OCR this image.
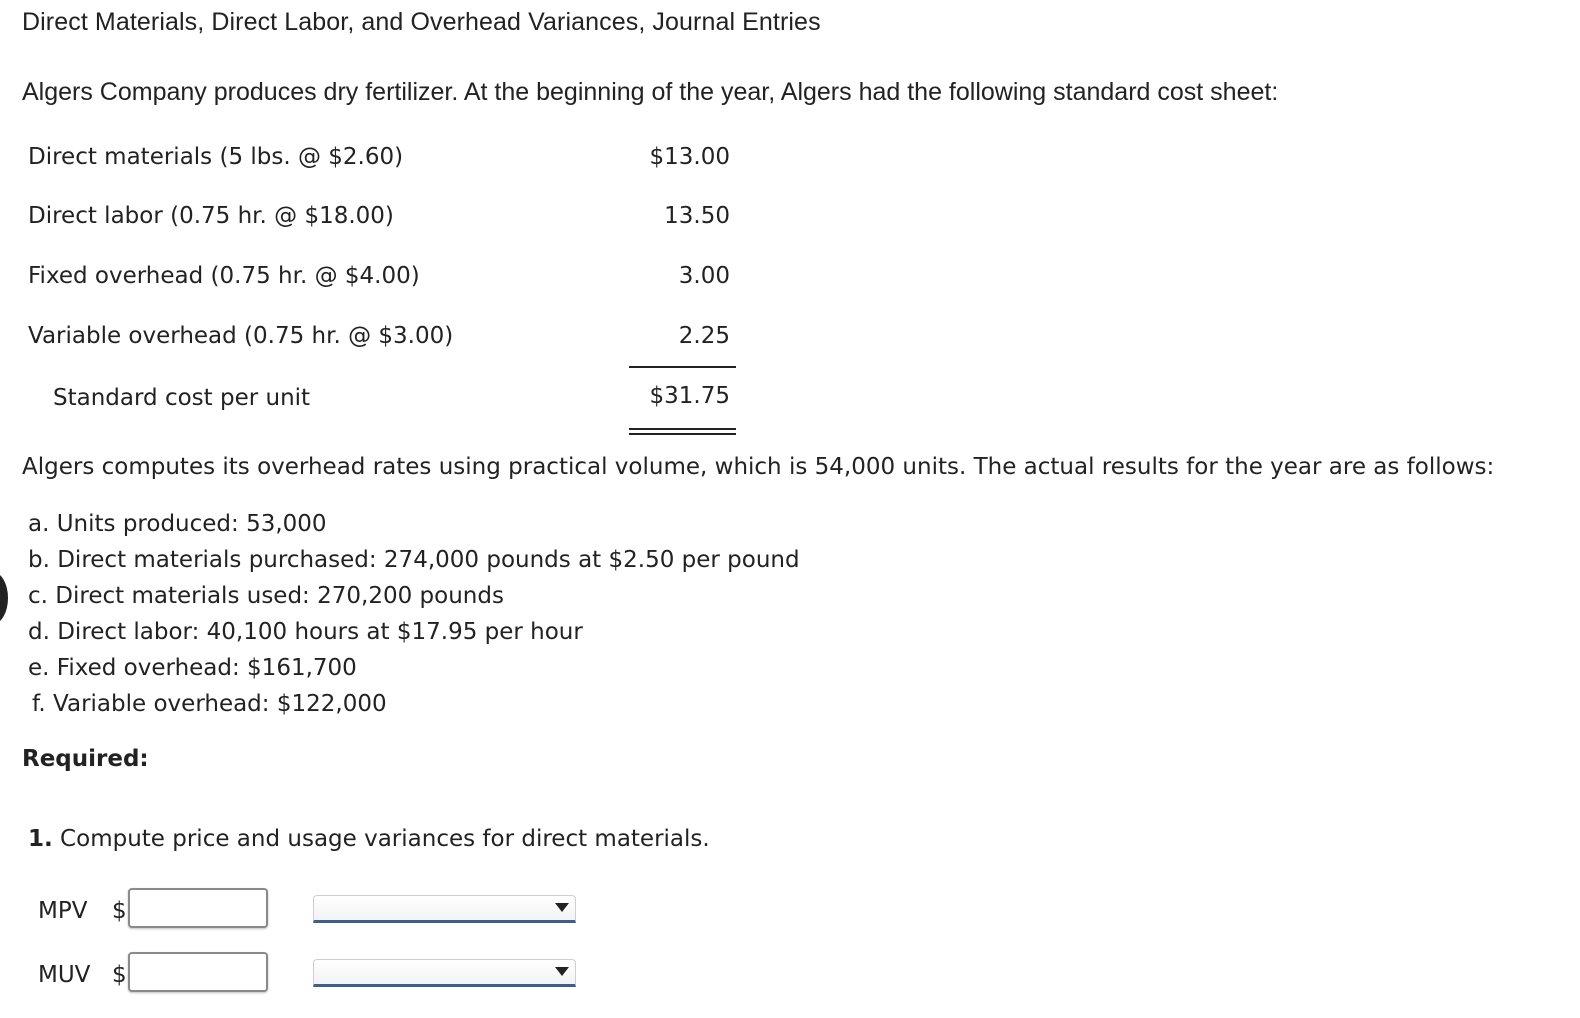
Direct Materials, Direct Labor, and Overhead Variances, Journal Entries
Algers Company produces dry fertilizer. At the beginning of the year, Algers had the following standard cost sheet:
Direct materials (5 lbs. @ $2.60)	$13.00
Direct labor (0.75 hr. @ $18.00)	13.50
Fixed overhead (0.75 hr. @ $4.00)	3.00
Variable overhead (0.75 hr. @ $3.00)	2.25
Standard cost per unit	$31.75
Algers computes its overhead rates using practical volume, which is 54,000 units. The actual results for the year are as follows:
a. Units produced: 53,000
b. Direct materials purchased: 274,000 pounds at $2.50 per pound
c. Direct materials used: 270,200 pounds
d. Direct labor: 40,100 hours at $17.95 per hour
e. Fixed overhead: $161,700
f. Variable overhead: $122,000
Required:
1. Compute price and usage variances for direct materials.
MPV $
MUV $
